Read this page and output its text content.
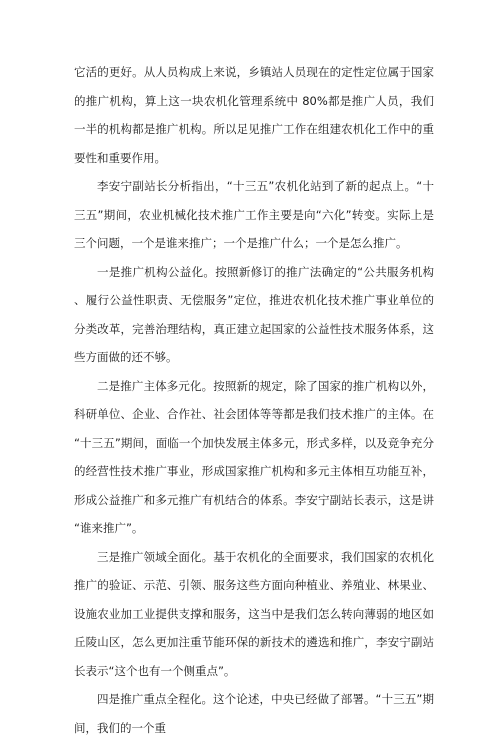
它活的更好。从人员构成上来说，乡镇站人员现在的定性定位属于国家的推广机构，算上这一块农机化管理系统中 80%都是推广人员，我们一半的机构都是推广机构。所以足见推广工作在组建农机化工作中的重要性和重要作用。

李安宁副站长分析指出，“十三五”农机化站到了新的起点上。“十三五”期间，农业机械化技术推广工作主要是向“六化”转变。实际上是三个问题，一个是谁来推广；一个是推广什么；一个是怎么推广。

一是推广机构公益化。按照新修订的推广法确定的“公共服务机构、履行公益性职责、无偿服务”定位，推进农机化技术推广事业单位的分类改革，完善治理结构，真正建立起国家的公益性技术服务体系，这些方面做的还不够。

二是推广主体多元化。按照新的规定，除了国家的推广机构以外，科研单位、企业、合作社、社会团体等等都是我们技术推广的主体。在“十三五”期间，面临一个加快发展主体多元，形式多样，以及竞争充分的经营性技术推广事业，形成国家推广机构和多元主体相互功能互补，形成公益推广和多元推广有机结合的体系。李安宁副站长表示，这是讲“谁来推广”。

三是推广领域全面化。基于农机化的全面要求，我们国家的农机化推广的验证、示范、引领、服务这些方面向种植业、养殖业、林果业、设施农业加工业提供支撑和服务，这当中是我们怎么转向薄弱的地区如丘陵山区，怎么更加注重节能环保的新技术的遴选和推广，李安宁副站长表示“这个也有一个侧重点”。

四是推广重点全程化。这个论述，中央已经做了部署。“十三五”期间，我们的一个重
